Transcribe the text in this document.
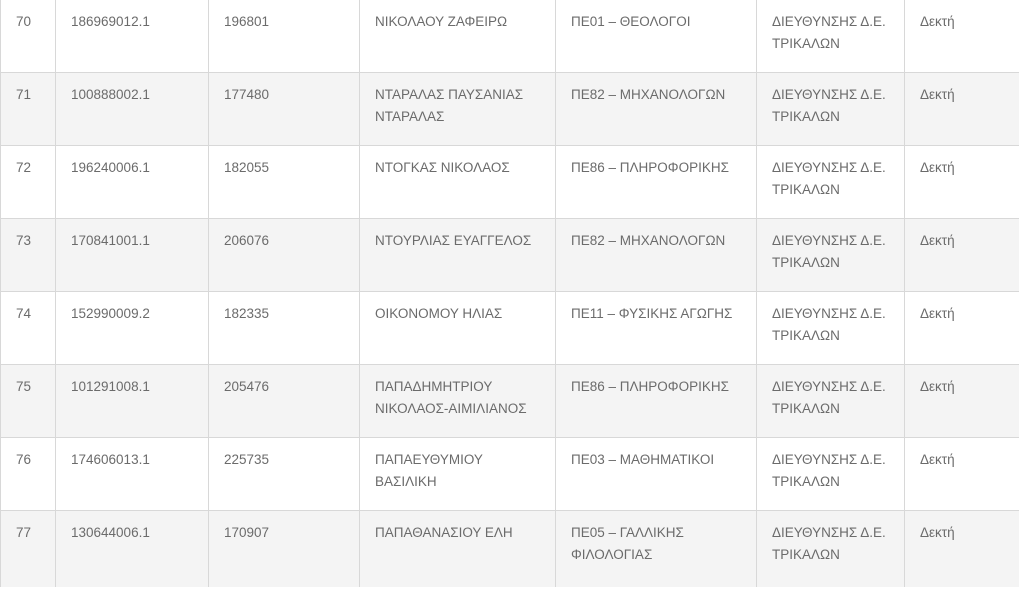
70	186969012.1	196801	ΝΙΚΟΛΑΟΥ ΖΑΦΕΙΡΩ	ΠΕ01 – ΘΕΟΛΟΓΟΙ	ΔΙΕΥΘΥΝΣΗΣ Δ.Ε. ΤΡΙΚΑΛΩΝ	Δεκτή
71	100888002.1	177480	ΝΤΑΡΑΛΑΣ ΠΑΥΣΑΝΙΑΣ ΝΤΑΡΑΛΑΣ	ΠΕ82 – ΜΗΧΑΝΟΛΟΓΩΝ	ΔΙΕΥΘΥΝΣΗΣ Δ.Ε. ΤΡΙΚΑΛΩΝ	Δεκτή
72	196240006.1	182055	ΝΤΟΓΚΑΣ ΝΙΚΟΛΑΟΣ	ΠΕ86 – ΠΛΗΡΟΦΟΡΙΚΗΣ	ΔΙΕΥΘΥΝΣΗΣ Δ.Ε. ΤΡΙΚΑΛΩΝ	Δεκτή
73	170841001.1	206076	ΝΤΟΥΡΛΙΑΣ ΕΥΑΓΓΕΛΟΣ	ΠΕ82 – ΜΗΧΑΝΟΛΟΓΩΝ	ΔΙΕΥΘΥΝΣΗΣ Δ.Ε. ΤΡΙΚΑΛΩΝ	Δεκτή
74	152990009.2	182335	ΟΙΚΟΝΟΜΟΥ ΗΛΙΑΣ	ΠΕ11 – ΦΥΣΙΚΗΣ ΑΓΩΓΗΣ	ΔΙΕΥΘΥΝΣΗΣ Δ.Ε. ΤΡΙΚΑΛΩΝ	Δεκτή
75	101291008.1	205476	ΠΑΠΑΔΗΜΗΤΡΙΟΥ ΝΙΚΟΛΑΟΣ-ΑΙΜΙΛΙΑΝΟΣ	ΠΕ86 – ΠΛΗΡΟΦΟΡΙΚΗΣ	ΔΙΕΥΘΥΝΣΗΣ Δ.Ε. ΤΡΙΚΑΛΩΝ	Δεκτή
76	174606013.1	225735	ΠΑΠΑΕΥΘΥΜΙΟΥ ΒΑΣΙΛΙΚΗ	ΠΕ03 – ΜΑΘΗΜΑΤΙΚΟΙ	ΔΙΕΥΘΥΝΣΗΣ Δ.Ε. ΤΡΙΚΑΛΩΝ	Δεκτή
77	130644006.1	170907	ΠΑΠΑΘΑΝΑΣΙΟΥ ΕΛΗ	ΠΕ05 – ΓΑΛΛΙΚΗΣ ΦΙΛΟΛΟΓΙΑΣ	ΔΙΕΥΘΥΝΣΗΣ Δ.Ε. ΤΡΙΚΑΛΩΝ	Δεκτή
